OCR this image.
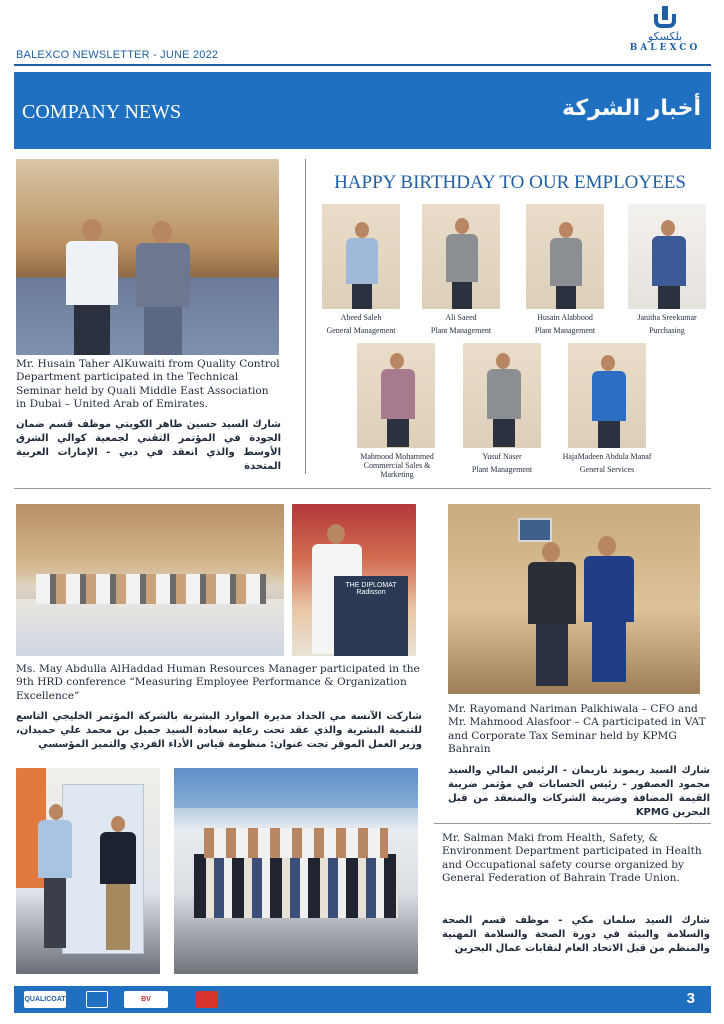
BALEXCO NEWSLETTER - JUNE 2022
بلكسكو
BALEXCO
COMPANY NEWS	أخبار الشركة
Mr. Husain Taher AlKuwaiti from Quality Control Department participated in the Technical Seminar held by Quali Middle East Association in Dubai – United Arab of Emirates.
شارك السيد حسين طاهر الكويتي موظف قسم ضمان الجودة في المؤتمر التقني لجمعية كوالي الشرق الأوسط والذي انعقد في دبي - الإمارات العربية المتحدة
HAPPY BIRTHDAY TO OUR EMPLOYEES
Abeed Saleh
General Management
Ali Saeed
Plant Management
Husain Alabbood
Plant Management
Janitha Sreekumar
Purchasing
Mahmood Mohammed Commercial Sales & Marketing
Yusuf Naser
Plant Management
HajaMadeen Abdula Manaf
General Services
THE DIPLOMAT Radisson
Ms. May Abdulla AlHaddad Human Resources Manager participated in the 9th HRD conference “Measuring Employee Performance & Organization Excellence”
شاركت الآنسة مي الحداد مديرة الموارد البشرية بالشركة المؤتمر الخليجي التاسع للتنمية البشرية والذي عقد تحت رعاية سعادة السيد جميل بن محمد علي حميدان، وزير العمل الموقر تحت عنوان: منظومة قياس الأداء الفردي والتميز المؤسسي
Mr. Rayomand Nariman Palkhiwala – CFO and Mr. Mahmood Alasfoor – CA participated in VAT and Corporate Tax Seminar held by KPMG Bahrain
شارك السيد ريموند ناريمان - الرئيس المالي والسيد محمود العصفور - رئيس الحسابات في مؤتمر ضريبة القيمة المضافة وضريبة الشركات والمنعقد من قبل البحرين KPMG
Mr. Salman Maki from Health, Safety, & Environment Department participated in Health and Occupational safety course organized by General Federation of Bahrain Trade Union.
شارك السيد سلمان مكي - موظف قسم الصحة والسلامة والبيئة في دورة الصحة والسلامة المهنية والمنظم من قبل الاتحاد العام لنقابات عمال البحرين
QUALICOAT	BV	3
